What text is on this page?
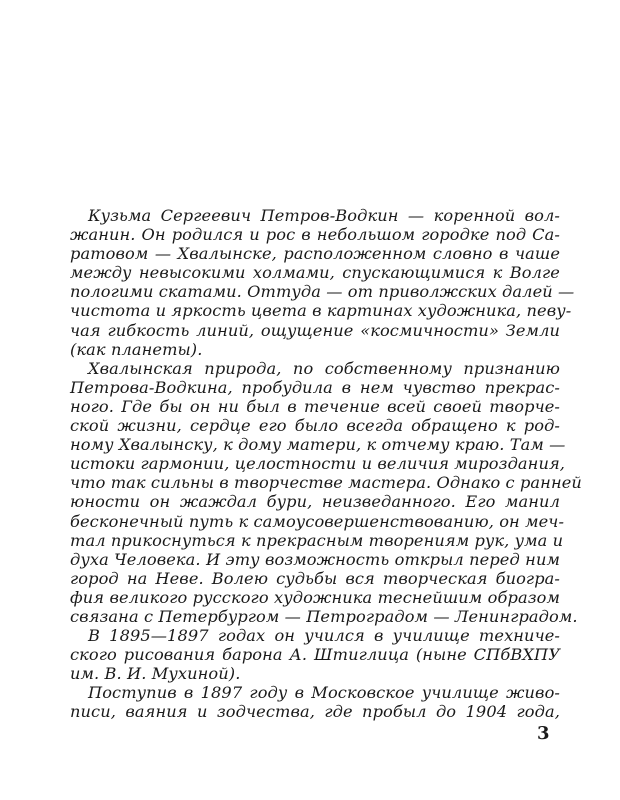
Кузьма Сергеевич Петров-Водкин — коренной вол-
жанин. Он родился и рос в небольшом городке под Са-
ратовом — Хвалынске, расположенном словно в чаше
между невысокими холмами, спускающимися к Волге
пологими скатами. Оттуда — от приволжских далей —
чистота и яркость цвета в картинах художника, певу-
чая гибкость линий, ощущение «космичности» Земли
(как планеты).
Хвалынская природа, по собственному признанию
Петрова-Водкина, пробудила в нем чувство прекрас-
ного. Где бы он ни был в течение всей своей творче-
ской жизни, сердце его было всегда обращено к род-
ному Хвалынску, к дому матери, к отчему краю. Там —
истоки гармонии, целостности и величия мироздания,
что так сильны в творчестве мастера. Однако с ранней
юности он жаждал бури, неизведанного. Его манил
бесконечный путь к самоусовершенствованию, он меч-
тал прикоснуться к прекрасным творениям рук, ума и
духа Человека. И эту возможность открыл перед ним
город на Неве. Волею судьбы вся творческая биогра-
фия великого русского художника теснейшим образом
связана с Петербургом — Петроградом — Ленинградом.
В 1895—1897 годах он учился в училище техниче-
ского рисования барона А. Штиглица (ныне СПбВХПУ
им. В. И. Мухиной).
Поступив в 1897 году в Московское училище живо-
писи, ваяния и зодчества, где пробыл до 1904 года,
3
